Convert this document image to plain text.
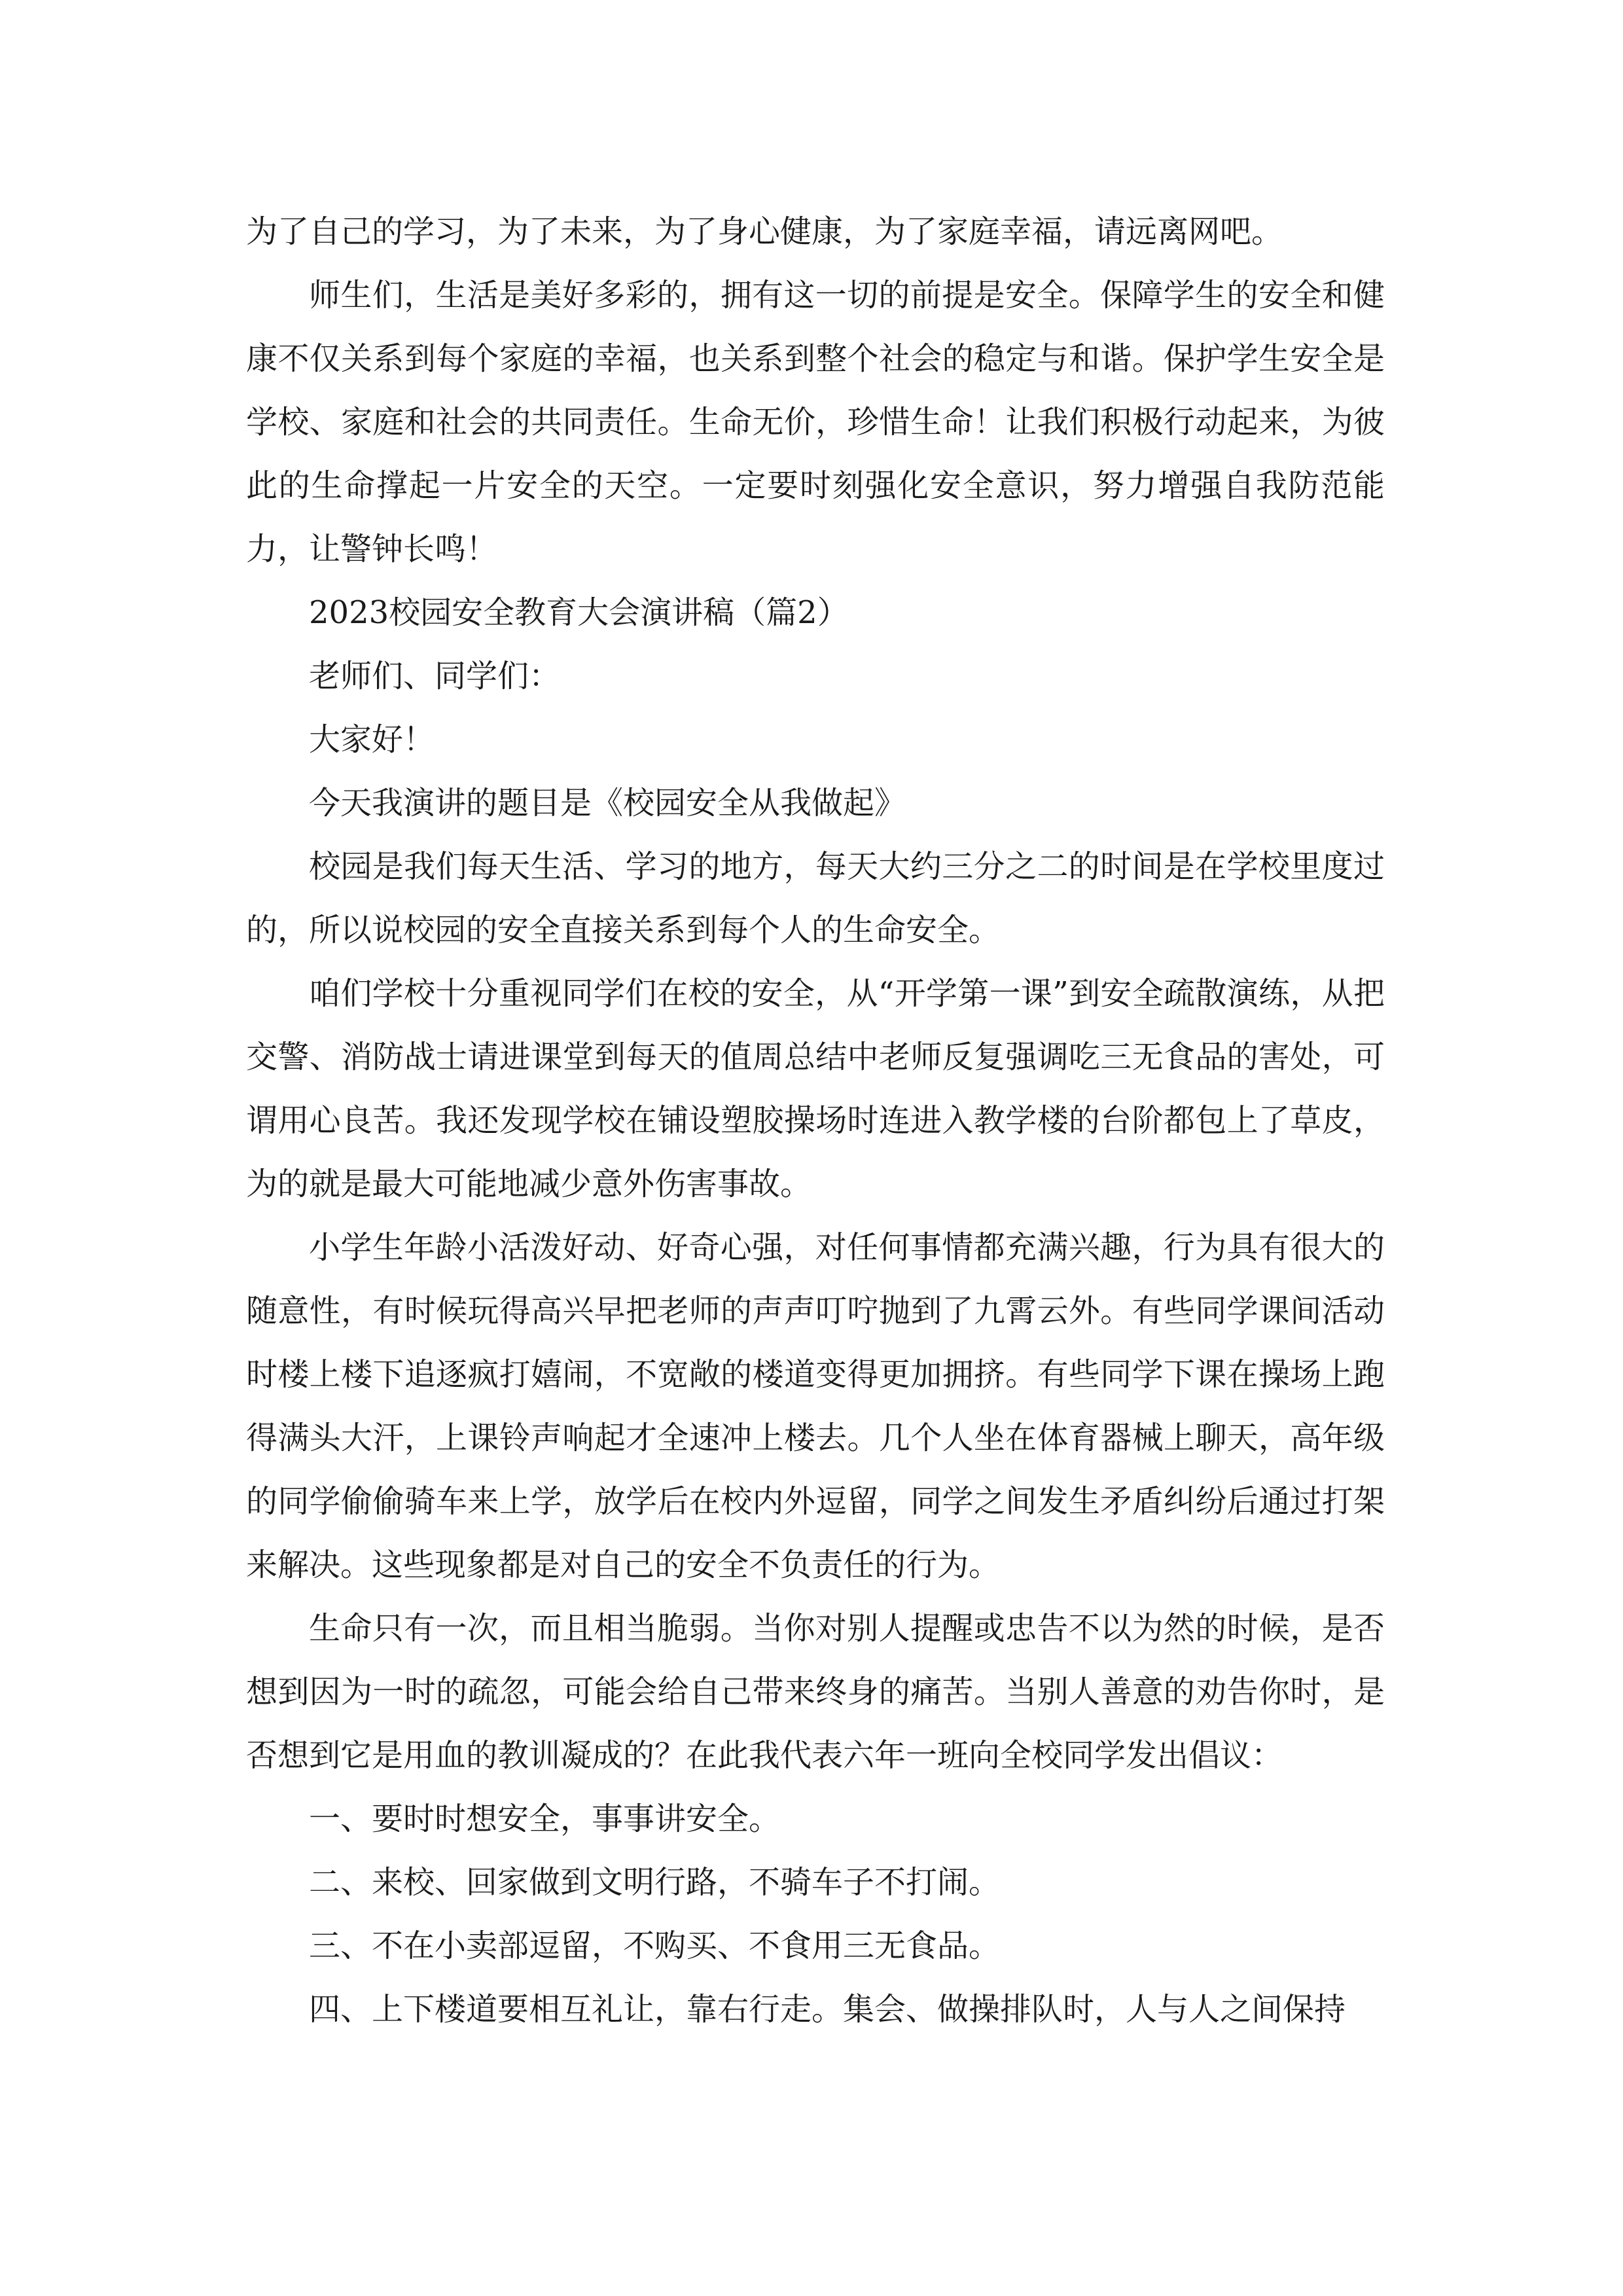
为了自己的学习，为了未来，为了身心健康，为了家庭幸福，请远离网吧。

师生们，生活是美好多彩的，拥有这一切的前提是安全。保障学生的安全和健康不仅关系到每个家庭的幸福，也关系到整个社会的稳定与和谐。保护学生安全是学校、家庭和社会的共同责任。生命无价，珍惜生命！让我们积极行动起来，为彼此的生命撑起一片安全的天空。一定要时刻强化安全意识，努力增强自我防范能力，让警钟长鸣！

2023校园安全教育大会演讲稿（篇2）

老师们、同学们：

大家好！

今天我演讲的题目是《校园安全从我做起》

校园是我们每天生活、学习的地方，每天大约三分之二的时间是在学校里度过的，所以说校园的安全直接关系到每个人的生命安全。

咱们学校十分重视同学们在校的安全，从“开学第一课”到安全疏散演练，从把交警、消防战士请进课堂到每天的值周总结中老师反复强调吃三无食品的害处，可谓用心良苦。我还发现学校在铺设塑胶操场时连进入教学楼的台阶都包上了草皮，为的就是最大可能地减少意外伤害事故。

小学生年龄小活泼好动、好奇心强，对任何事情都充满兴趣，行为具有很大的随意性，有时候玩得高兴早把老师的声声叮咛抛到了九霄云外。有些同学课间活动时楼上楼下追逐疯打嬉闹，不宽敞的楼道变得更加拥挤。有些同学下课在操场上跑得满头大汗，上课铃声响起才全速冲上楼去。几个人坐在体育器械上聊天，高年级的同学偷偷骑车来上学，放学后在校内外逗留，同学之间发生矛盾纠纷后通过打架来解决。这些现象都是对自己的安全不负责任的行为。

生命只有一次，而且相当脆弱。当你对别人提醒或忠告不以为然的时候，是否想到因为一时的疏忽，可能会给自己带来终身的痛苦。当别人善意的劝告你时，是否想到它是用血的教训凝成的？在此我代表六年一班向全校同学发出倡议：

一、要时时想安全，事事讲安全。

二、来校、回家做到文明行路，不骑车子不打闹。

三、不在小卖部逗留，不购买、不食用三无食品。

四、上下楼道要相互礼让，靠右行走。集会、做操排队时，人与人之间保持
